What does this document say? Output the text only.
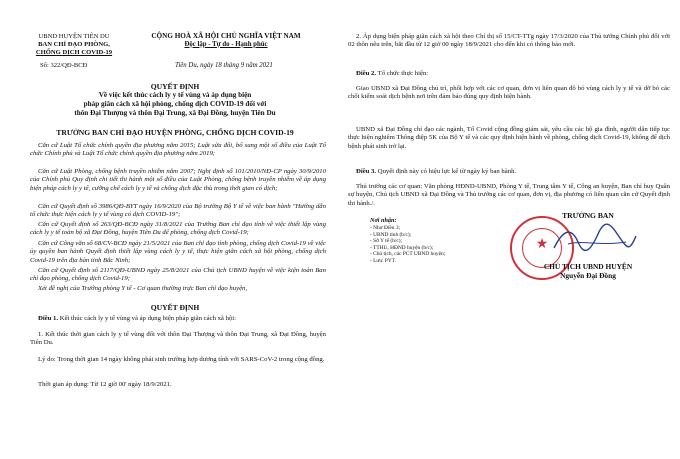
UBND HUYỆN TIÊN DU
BAN CHỈ ĐẠO PHÒNG,
CHỐNG DỊCH COVID-19
Số: 322/QĐ-BCĐ
CỘNG HOÀ XÃ HỘI CHỦ NGHĨA VIỆT NAM
Độc lập - Tự do - Hạnh phúc
Tiên Du, ngày 18 tháng 9 năm 2021
QUYẾT ĐỊNH
Về việc kết thúc cách ly y tế vùng và áp dụng biện
pháp giãn cách xã hội phòng, chống dịch COVID-19 đối với
thôn Đại Thượng và thôn Đại Trung, xã Đại Đồng, huyện Tiên Du
TRƯỞNG BAN CHỈ ĐẠO HUYỆN PHÒNG, CHỐNG DỊCH COVID-19
Căn cứ Luật Tổ chức chính quyền địa phương năm 2015; Luật sửa đổi, bổ sung một số điều của Luật Tổ chức Chính phủ và Luật Tổ chức chính quyền địa phương năm 2019;
Căn cứ Luật Phòng, chống bệnh truyền nhiễm năm 2007; Nghị định số 101/2010/NĐ-CP ngày 30/9/2010 của Chính phủ Quy định chi tiết thi hành một số điều của Luật Phòng, chống bệnh truyền nhiễm về áp dụng biện pháp cách ly y tế, cưỡng chế cách ly y tế và chống dịch đặc thù trong thời gian có dịch;
Căn cứ Quyết định số 3986/QĐ-BYT ngày 16/9/2020 của Bộ trưởng Bộ Y tế về việc ban hành "Hướng dẫn tổ chức thực hiện cách ly y tế vùng có dịch COVID-19";
Căn cứ Quyết định số 263/QĐ-BCĐ ngày 31/8/2021 của Trưởng Ban chỉ đạo tỉnh về việc thiết lập vùng cách ly y tế toàn bộ xã Đại Đồng, huyện Tiên Du để phòng, chống dịch Covid-19;
Căn cứ Công văn số 68/CV-BCĐ ngày 21/5/2021 của Ban chỉ đạo tỉnh phòng, chống dịch Covid-19 về việc ủy quyền ban hành Quyết định thiết lập vùng cách ly y tế, thực hiện giãn cách xã hội phòng, chống dịch Covid-19 trên địa bàn tỉnh Bắc Ninh;
Căn cứ Quyết định số 2117/QĐ-UBND ngày 25/8/2021 của Chủ tịch UBND huyện về việc kiện toàn Ban chỉ đạo phòng, chống dịch Covid-19;
Xét đề nghị của Trưởng phòng Y tế - Cơ quan thường trực Ban chỉ đạo huyện,
QUYẾT ĐỊNH
Điều 1. Kết thúc cách ly y tế vùng và áp dụng biện pháp giãn cách xã hội:
1. Kết thúc thời gian cách ly y tế vùng đối với thôn Đại Thượng và thôn Đại Trung, xã Đại Đồng, huyện Tiên Du.
Lý do: Trong thời gian 14 ngày không phát sinh trường hợp dương tính với SARS-CoV-2 trong cộng đồng.
Thời gian áp dụng: Từ 12 giờ 00' ngày 18/9/2021.
2. Áp dụng biện pháp giãn cách xã hội theo Chỉ thị số 15/CT-TTg ngày 17/3/2020 của Thủ tướng Chính phủ đối với 02 thôn nêu trên, bắt đầu từ 12 giờ 00 ngày 18/9/2021 cho đến khi có thông báo mới.
Điều 2. Tổ chức thực hiện:
Giao UBND xã Đại Đồng chủ trì, phối hợp với các cơ quan, đơn vị liên quan đô bỏ vùng cách ly y tế và dỡ bỏ các chốt kiểm soát dịch bệnh nơi trên đảm bảo đúng quy định hiện hành.
UBND xã Đại Đồng chỉ đạo các ngành, Tổ Covid cộng đồng giám sát, yêu cầu các hộ gia đình, người dân tiếp tục thực hiện nghiêm Thông điệp 5K của Bộ Y tế và các quy định hiện hành về phòng, chống dịch Covid-19, không để dịch bệnh phát sinh trở lại.
Điều 3. Quyết định này có hiệu lực kể từ ngày ký ban hành.
Thủ trưởng các cơ quan: Văn phòng HĐND-UBND, Phòng Y tế, Trung tâm Y tế, Công an huyện, Ban chỉ huy Quân sự huyện, Chủ tịch UBND xã Đại Đồng và Thủ trưởng các cơ quan, đơn vị, địa phương có liên quan căn cứ Quyết định thi hành./.
Nơi nhận:
- Như Điều 3;
- UBND tỉnh (b/c);
- Sở Y tế (b/c);
- TTHU, HĐND huyện (b/c);
- Chủ tịch, các PCT UBND huyện;
- Lưu: PYT.
TRƯỞNG BAN
★
CHỦ TỊCH UBND HUYỆN
Nguyễn Đại Đồng
